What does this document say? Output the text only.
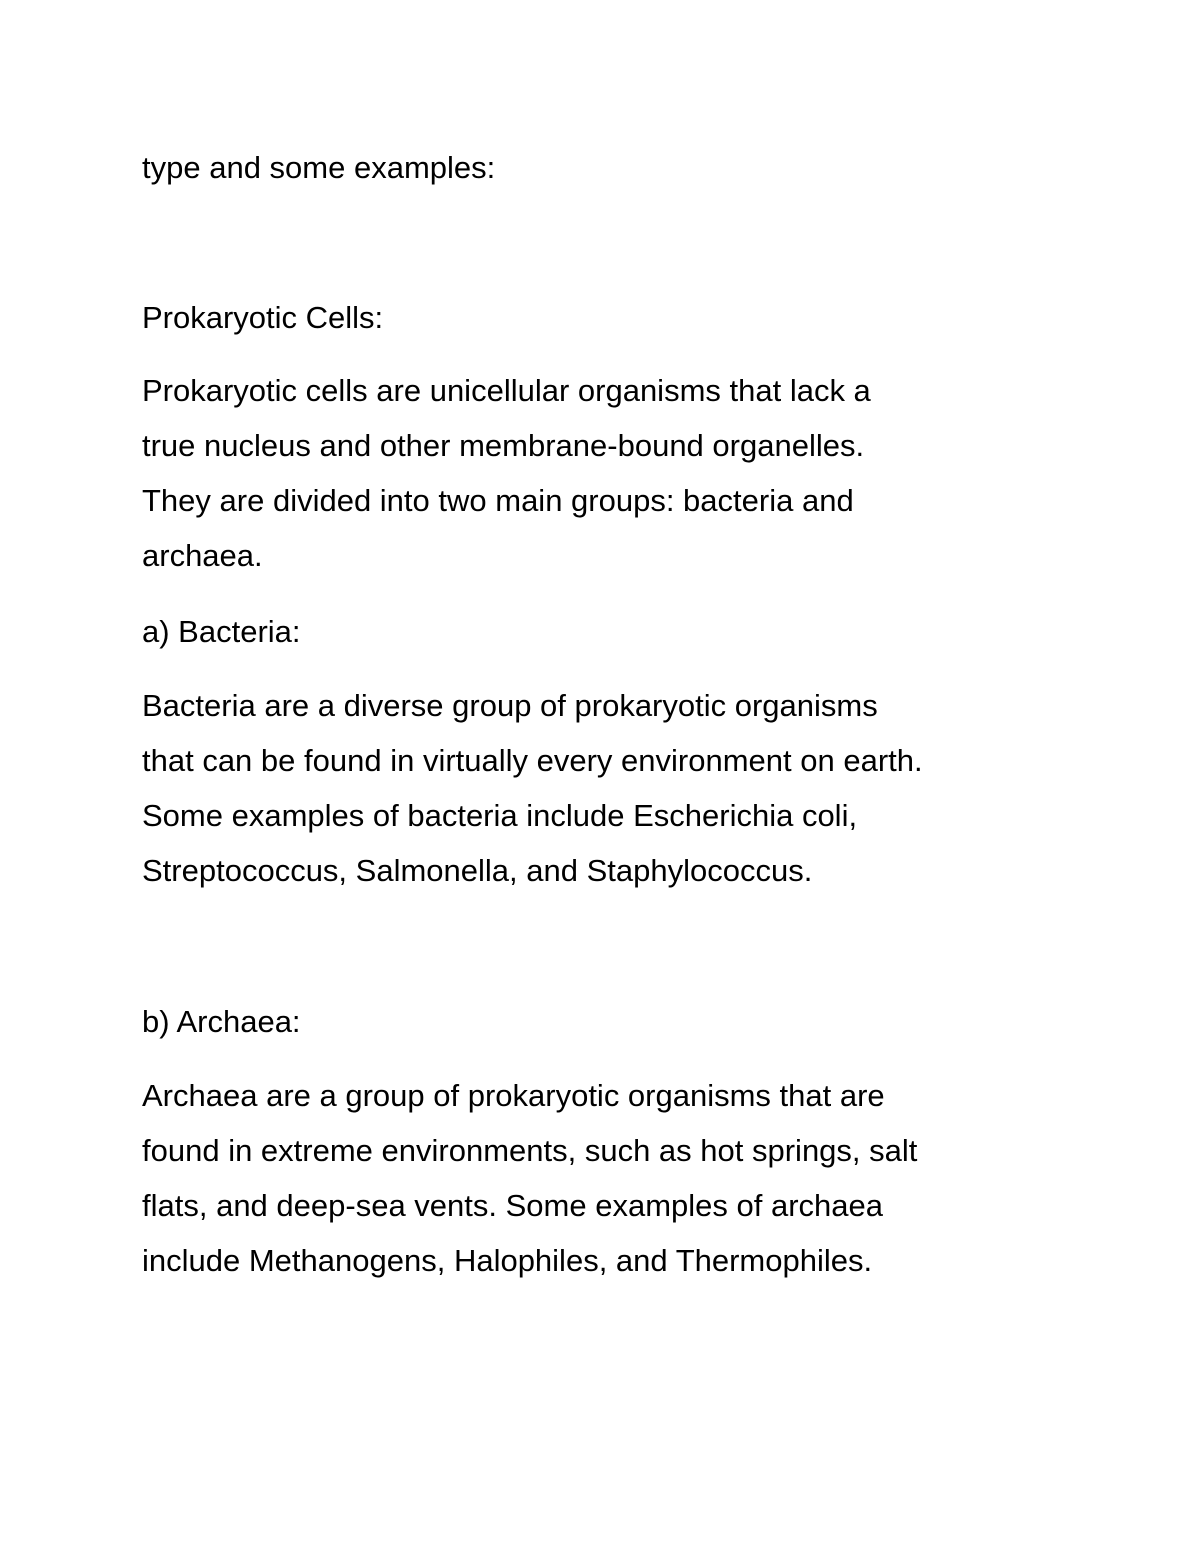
type and some examples:

Prokaryotic Cells:

Prokaryotic cells are unicellular organisms that lack a

true nucleus and other membrane-bound organelles.

They are divided into two main groups: bacteria and

archaea.

a) Bacteria:

Bacteria are a diverse group of prokaryotic organisms

that can be found in virtually every environment on earth.

Some examples of bacteria include Escherichia coli,

Streptococcus, Salmonella, and Staphylococcus.

b) Archaea:

Archaea are a group of prokaryotic organisms that are

found in extreme environments, such as hot springs, salt

flats, and deep-sea vents. Some examples of archaea

include Methanogens, Halophiles, and Thermophiles.
